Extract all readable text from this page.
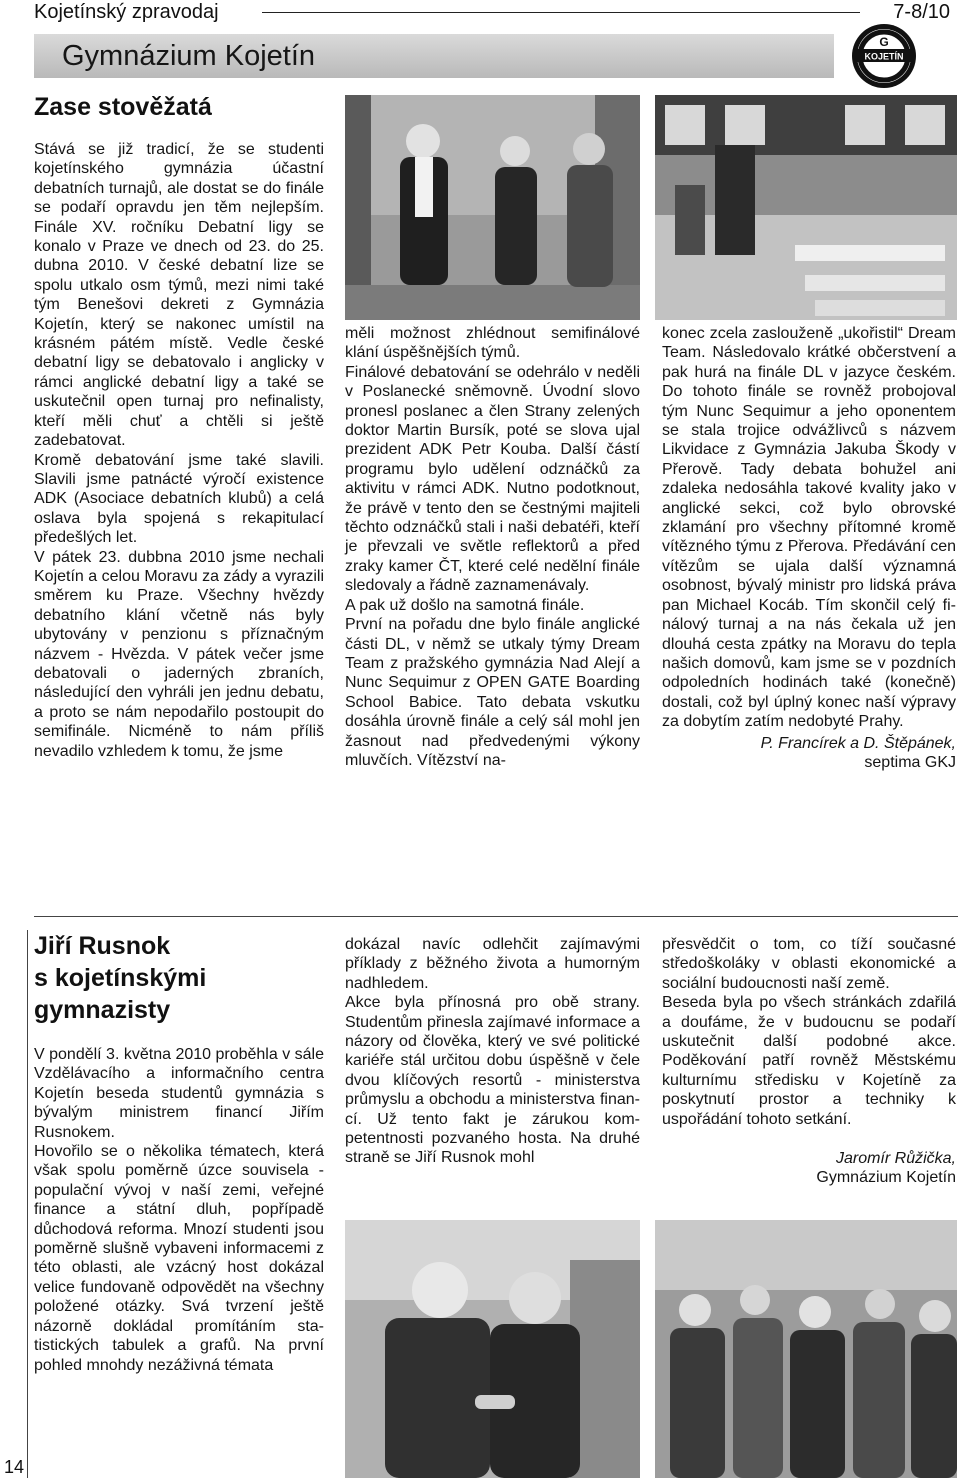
Kojetínský zpravodaj	7-8/10
Gymnázium Kojetín	KOJETÍN
G
Zase stověžatá

Stává se již tradicí, že se studenti kojetínského gymnázia účastní debatních turnajů, ale dostat se do finále se podaří opravdu jen těm nejlepším. Finále XV. ročníku Debatní ligy se konalo v Praze ve dnech od 23. do 25. dubna 2010. V české debatní lize se spolu utkalo osm týmů, mezi nimi také tým Benešovi dekreti z Gymnázia Kojetín, který se nakonec umístil na krásném pátém místě. Vedle české debatní ligy se debatovalo i anglicky v rámci anglické debatní ligy a také se uskutečnil open turnaj pro nefinalisty, kteří měli chuť a chtěli si ještě zadebatovat.

Kromě debatování jsme také slavili. Slavili jsme patnácté výročí existence ADK (Asociace debatních klubů) a celá oslava byla spojená s rekapitulací předešlých let.

V pátek 23. dubbna 2010 jsme nechali Kojetín a celou Moravu za zády a vyrazili směrem ku Praze. Všechny hvězdy debatního klání včetně nás byly ubytovány v penzionu s příznačným názvem - Hvězda. V pátek večer jsme debatovali o jaderných zbraních, následující den vyhráli jen jednu debatu, a proto se nám nepodařilo postoupit do semifinále. Nicméně to nám příliš nevadilo vzhledem k tomu, že jsme

měli možnost zhlédnout semifinálové klání úspěšnějších týmů.

Finálové debatování se odehrálo v neděli v Poslanecké sněmovně. Úvodní slovo pronesl poslanec a člen Strany zelených doktor Martin Bursík, poté se slova ujal prezident ADK Petr Kouba. Další částí programu bylo udělení odznáčků za aktivitu v rámci ADK. Nutno podotknout, že právě v tento den se čestnými majiteli těchto odznáčků stali i naši debatéři, kteří je převzali ve světle reflektorů a před zraky kamer ČT, které celé nedělní finále sledovaly a řádně zaznamenávaly.

A pak už došlo na samotná finále.

První na pořadu dne bylo finále anglické části DL, v němž se utkaly týmy Dream Team z pražského gymnázia Nad Alejí a Nunc Sequimur z OPEN GATE Boarding School Babice. Tato debata vskutku dosáhla úrovně finále a celý sál mohl jen žasnout nad předvedenými výkony mluvčích. Vítězství na-

konec zcela zaslouženě „ukořistil“ Dream Team. Následovalo krátké občerstvení a pak hurá na finále DL v jazyce českém. Do tohoto finále se rovněž probojoval tým Nunc Sequimur a jeho oponentem se stala trojice odvážlivců s názvem Likvidace z Gymnázia Jakuba Škody v Přerově. Tady debata bohužel ani zdaleka nedosáhla takové kvality jako v anglické sekci, což bylo obrovské zklamání pro všechny přítomné kromě vítězného týmu z Přerova. Předávání cen vítězům se ujala další významná osobnost, bývalý ministr pro lidská práva pan Michael Kocáb. Tím skončil celý finálový turnaj a na nás čekala už jen dlouhá cesta zpátky na Moravu do tepla našich domovů, kam jsme se v pozdních odpoledních hodinách také (konečně) dostali, což byl úplný konec naší výpravy za dobytím zatím nedobyté Prahy.

P. Francírek a D. Štěpánek,

septima GKJ

Jiří Rusnok
s kojetínskými
gymnazisty

V pondělí 3. května 2010 proběhla v sále Vzdělávacího a informačního centra Kojetín beseda studentů gymnázia s bývalým ministrem financí Jiřím Rusnokem.

Hovořilo se o několika tématech, která však spolu poměrně úzce souvisela - populační vývoj v naší zemi, veřejné finance a státní dluh, popřípadě důchodová reforma. Mnozí studenti jsou poměrně slušně vybaveni informacemi z této oblasti, ale vzácný host dokázal velice fundovaně odpovědět na všechny položené otázky. Svá tvrzení ještě názorně dokládal promítáním statistických tabulek a grafů. Na první pohled mnohdy nezáživná témata

dokázal navíc odlehčit zajímavými příklady z běžného života a humorným nadhledem.

Akce byla přínosná pro obě strany. Studentům přinesla zajímavé informace a názory od člověka, který ve své politické kariéře stál určitou dobu úspěšně v čele dvou klíčových resortů - ministerstva průmyslu a obchodu a ministerstva financí. Už tento fakt je zárukou kompetentnosti pozvaného hosta. Na druhé straně se Jiří Rusnok mohl

přesvědčit o tom, co tíží současné středoškoláky v oblasti ekonomické a sociální budoucnosti naší země.

Beseda byla po všech stránkách zdařilá a doufáme, že v budoucnu se podaří uskutečnit další podobné akce. Poděkování patří rovněž Městskému kulturnímu středisku v Kojetíně za poskytnutí prostor a techniky k uspořádání tohoto setkání.

Jaromír Růžička,

Gymnázium Kojetín

14
